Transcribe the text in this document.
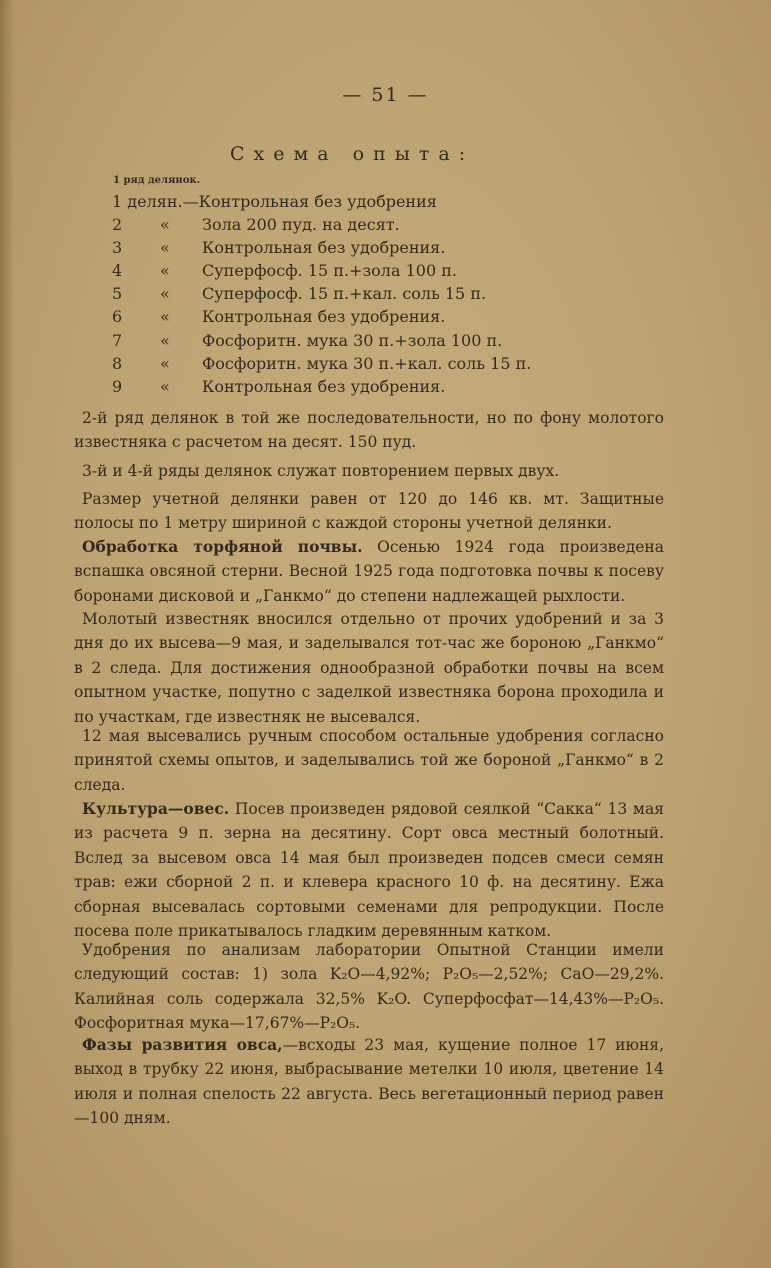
— 51 —
Схема опыта:
1 ряд делянок.
1 делян.—Контрольная без удобрения
2 « Зола 200 пуд. на десят.
3 « Контрольная без удобрения.
4 « Суперфосф. 15 п.+зола 100 п.
5 « Суперфосф. 15 п.+кал. соль 15 п.
6 « Контрольная без удобрения.
7 « Фосфоритн. мука 30 п.+зола 100 п.
8 « Фосфоритн. мука 30 п.+кал. соль 15 п.
9 « Контрольная без удобрения.

2-й ряд делянок в той же последовательности, но по фону молотого известняка с расчетом на десят. 150 пуд.

3-й и 4-й ряды делянок служат повторением первых двух.

Размер учетной делянки равен от 120 до 146 кв. мт. Защитные полосы по 1 метру шириной с каждой стороны учетной делянки.

Обработка торфяной почвы. Осенью 1924 года произведена вспашка овсяной стерни. Весной 1925 года подготовка почвы к посеву боронами дисковой и „Ганкмо“ до степени надлежащей рыхлости.

Молотый известняк вносился отдельно от прочих удобрений и за 3 дня до их высева—9 мая, и заделывался тот-час же бороною „Ганкмо“ в 2 следа. Для достижения однообразной обработки почвы на всем опытном участке, попутно с заделкой известняка борона проходила и по участкам, где известняк не высевался.

12 мая высевались ручным способом остальные удобрения согласно принятой схемы опытов, и заделывались той же бороной „Ганкмо“ в 2 следа.

Культура—овес. Посев произведен рядовой сеялкой “Сакка“ 13 мая из расчета 9 п. зерна на десятину. Сорт овса местный болотный. Вслед за высевом овса 14 мая был произведен подсев смеси семян трав: ежи сборной 2 п. и клевера красного 10 ф. на десятину. Ежа сборная высевалась сортовыми семенами для репродукции. После посева поле прикатывалось гладким деревянным катком.

Удобрения по анализам лаборатории Опытной Станции имели следующий состав: 1) зола K₂O—4,92%; P₂O₅—2,52%; CaO—29,2%. Калийная соль содержала 32,5% K₂O. Суперфосфат—14,43%—P₂O₅. Фосфоритная мука—17,67%—P₂O₅.

Фазы развития овса,—всходы 23 мая, кущение полное 17 июня, выход в трубку 22 июня, выбрасывание метелки 10 июля, цветение 14 июля и полная спелость 22 августа. Весь вегетационный период равен—100 дням.
